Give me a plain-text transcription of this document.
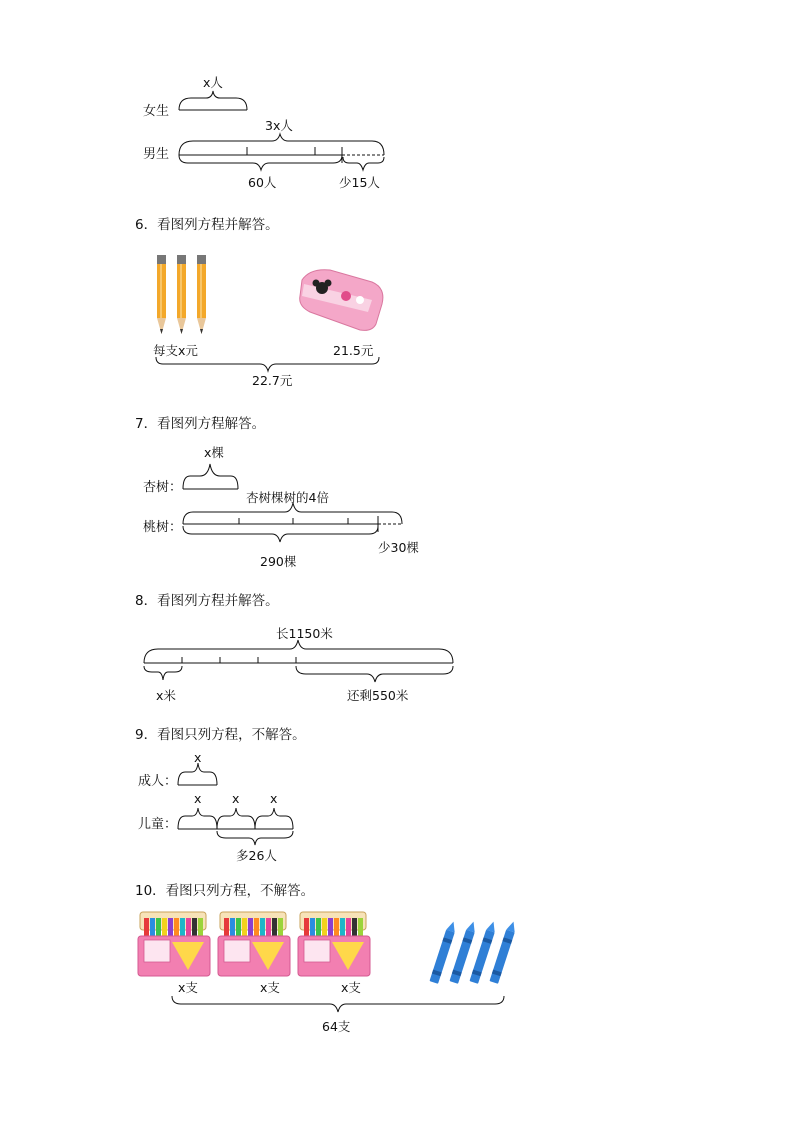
x人
女生
3x人
男生
60人	少15人
6．看图列方程并解答。
每支x元	21.5元
22.7元
7．看图列方程解答。
x棵
杏树：
杏树棵树的4倍
桃树：
290棵
少30棵
8．看图列方程并解答。
长1150米
x米	还剩550米
9．看图只列方程，不解答。
x
成人：
x x x
儿童：
多26人
10．看图只列方程，不解答。
x支	x支	x支
64支
